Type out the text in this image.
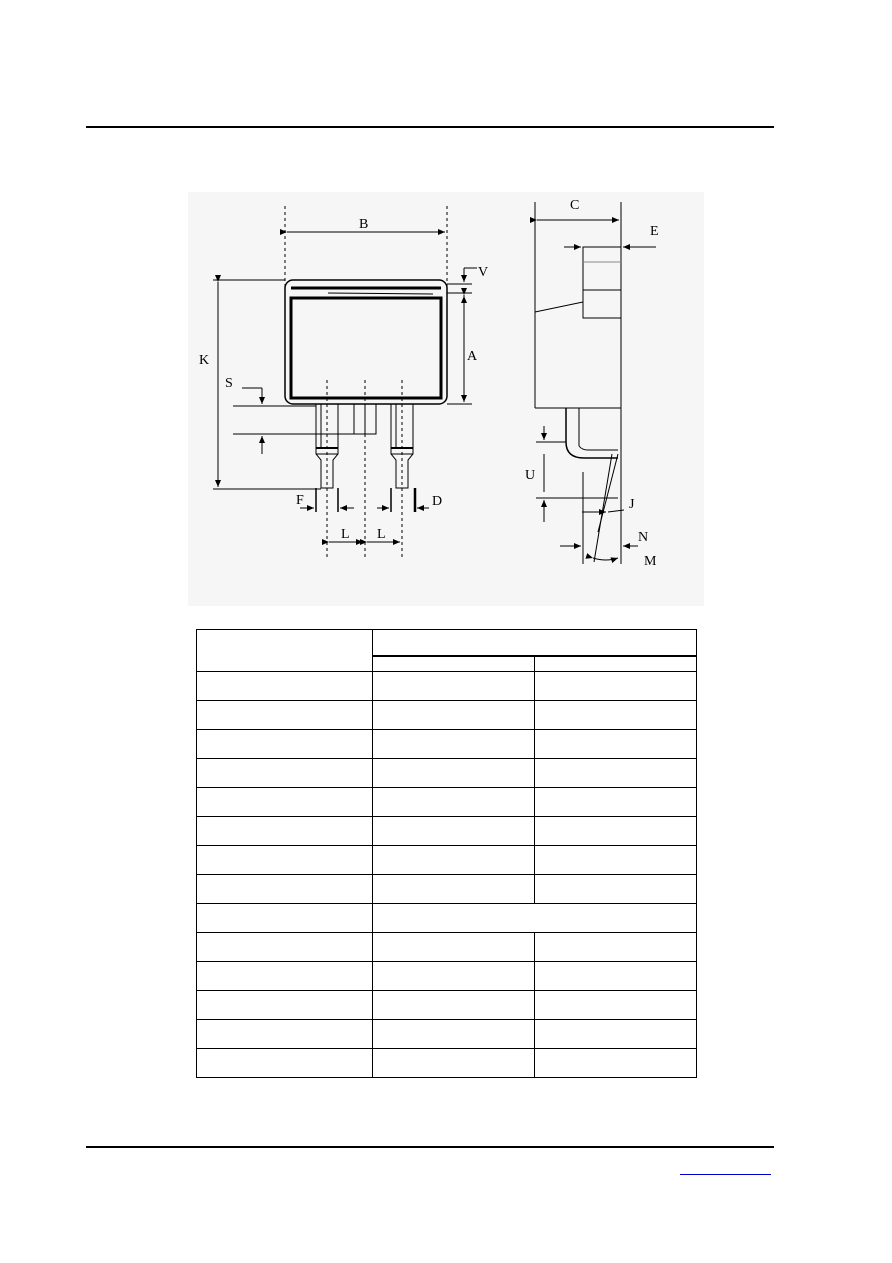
B
V
K	A
S
F	D
L L
C
E
U
J
N
M
